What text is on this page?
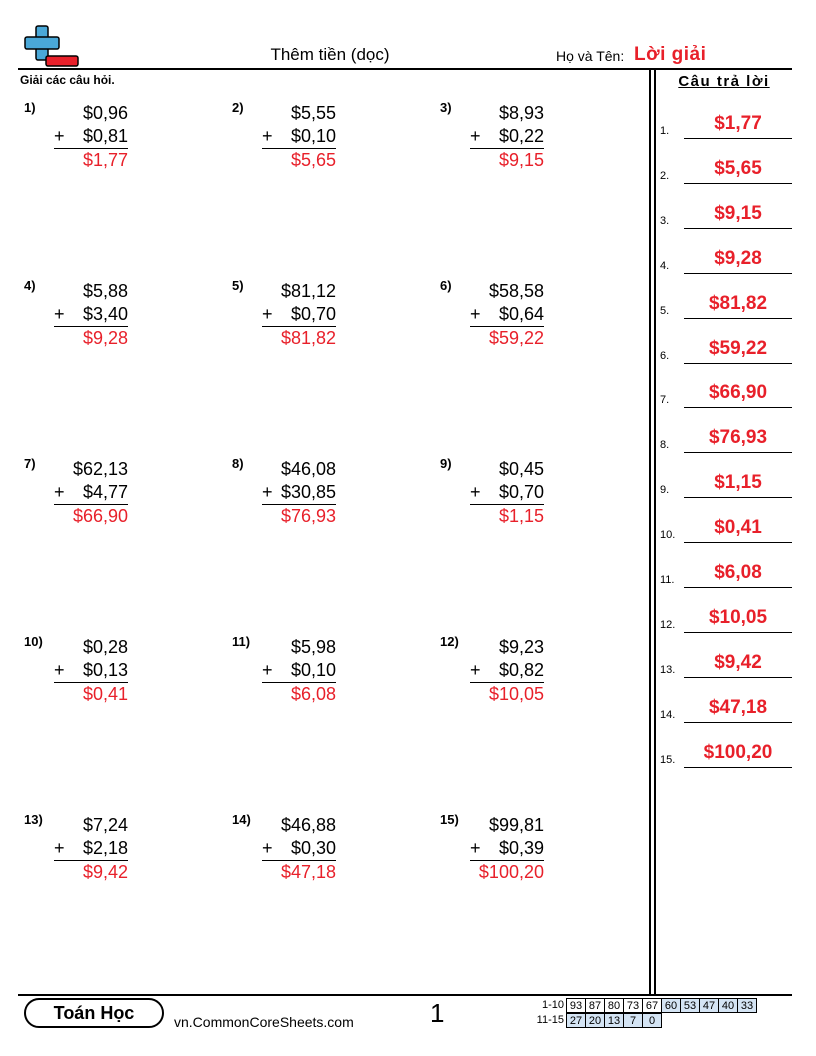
Thêm tiền (dọc)	Họ và Tên: Lời giải
Giải các câu hỏi.	Câu trả lời
1)	$0,96
+ $0,81
$1,77
2)	$5,55
+ $0,10
$5,65
3)	$8,93
+ $0,22
$9,15
4)	$5,88
+ $3,40
$9,28
5)	$81,12
+ $0,70
$81,82
6)	$58,58
+ $0,64
$59,22
7)	$62,13
+ $4,77
$66,90
8)	$46,08
+ $30,85
$76,93
9)	$0,45
+ $0,70
$1,15
10)	$0,28
+ $0,13
$0,41
11)	$5,98
+ $0,10
$6,08
12)	$9,23
+ $0,82
$10,05
13)	$7,24
+ $2,18
$9,42
14)	$46,88
+ $0,30
$47,18
15)	$99,81
+ $0,39
$100,20
1.	$1,77
2.	$5,65
3.	$9,15
4.	$9,28
5.	$81,82
6.	$59,22
7.	$66,90
8.	$76,93
9.	$1,15
10.	$0,41
11.	$6,08
12.	$10,05
13.	$9,42
14.	$47,18
15.	$100,20
Toán Học	vn.CommonCoreSheets.com	1	1-10 93 87 80 73 67 60 53 47 40 33
11-15 27 20 13 7	0
